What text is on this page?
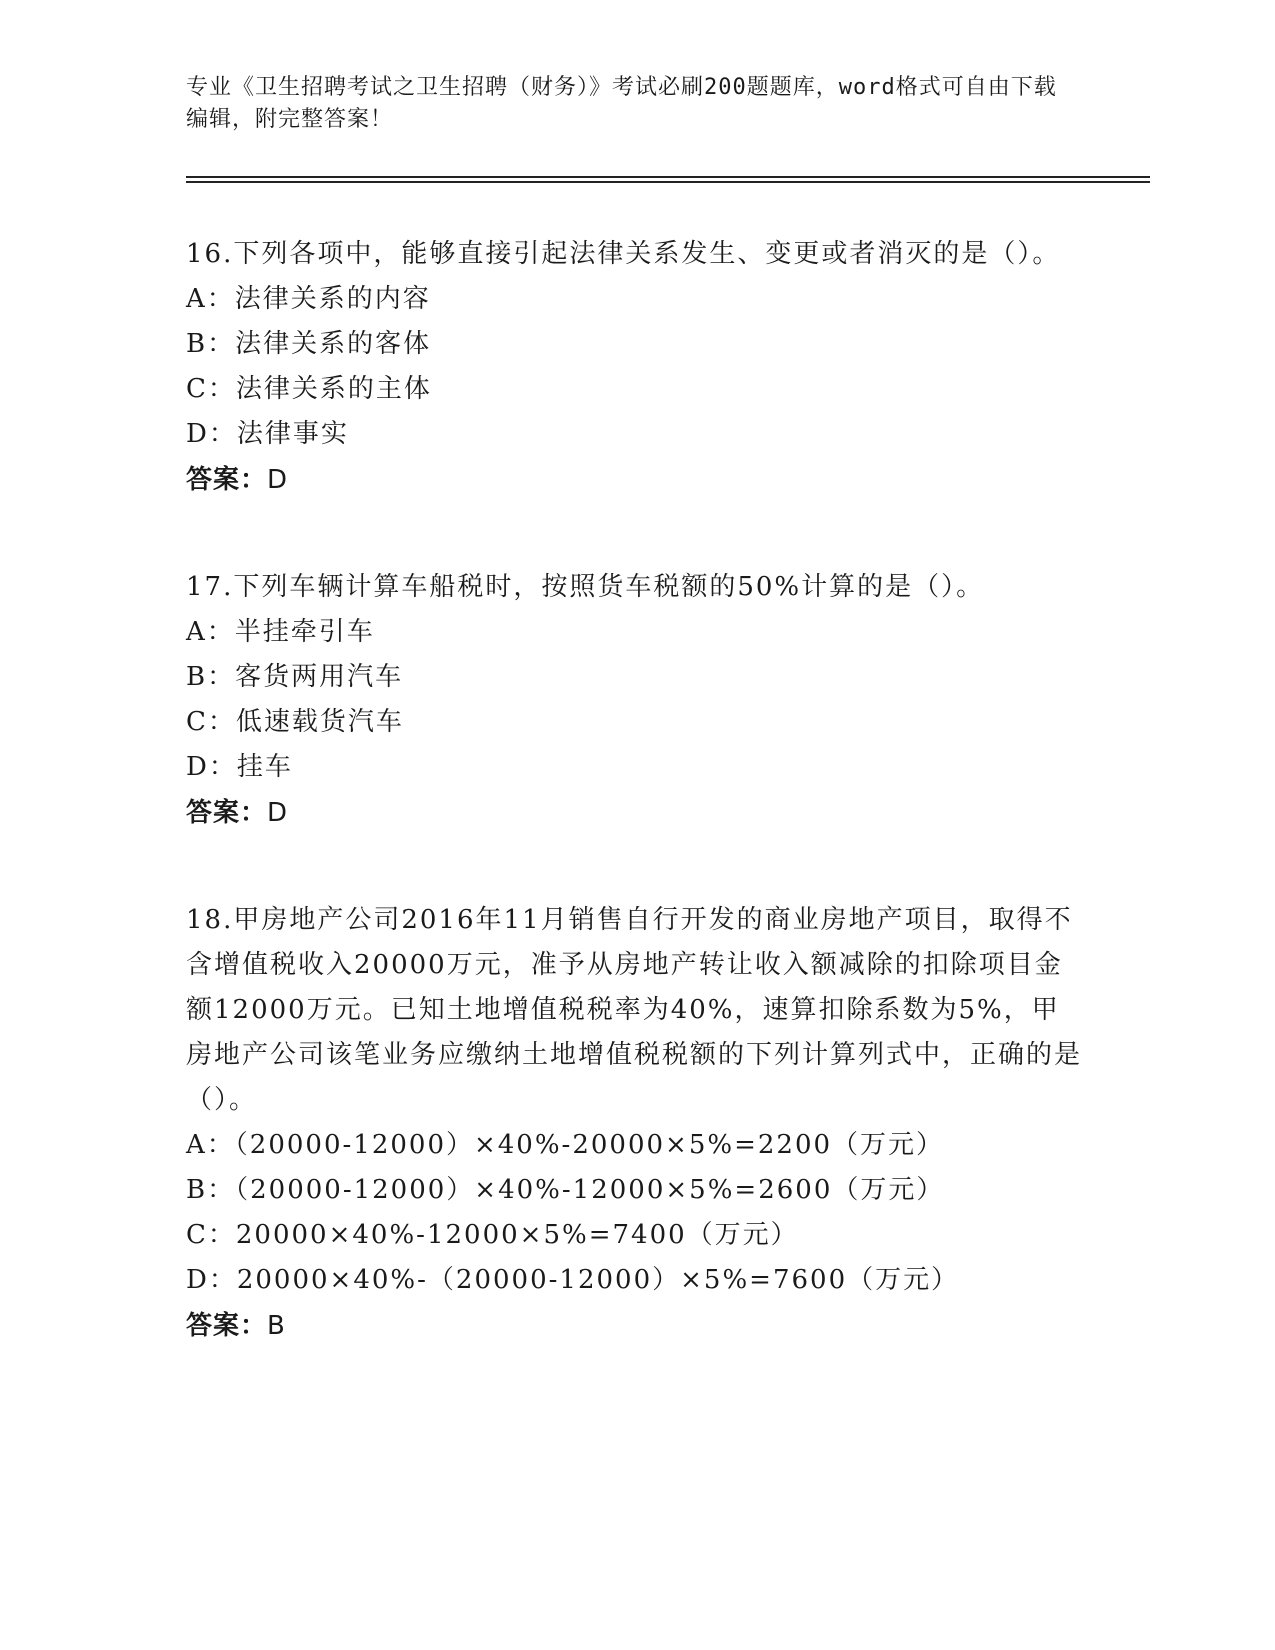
专业《卫生招聘考试之卫生招聘（财务）》考试必刷200题题库，word格式可自由下载编辑，附完整答案！
16.下列各项中，能够直接引起法律关系发生、变更或者消灭的是（）。
A：法律关系的内容
B：法律关系的客体
C：法律关系的主体
D：法律事实
答案：D
17.下列车辆计算车船税时，按照货车税额的50%计算的是（）。
A：半挂牵引车
B：客货两用汽车
C：低速载货汽车
D：挂车
答案：D
18.甲房地产公司2016年11月销售自行开发的商业房地产项目，取得不含增值税收入20000万元，准予从房地产转让收入额减除的扣除项目金额12000万元。已知土地增值税税率为40%，速算扣除系数为5%，甲房地产公司该笔业务应缴纳土地增值税税额的下列计算列式中，正确的是（）。
A：（20000-12000）×40%-20000×5%=2200（万元）
B：（20000-12000）×40%-12000×5%=2600（万元）
C：20000×40%-12000×5%=7400（万元）
D：20000×40%-（20000-12000）×5%=7600（万元）
答案：B
